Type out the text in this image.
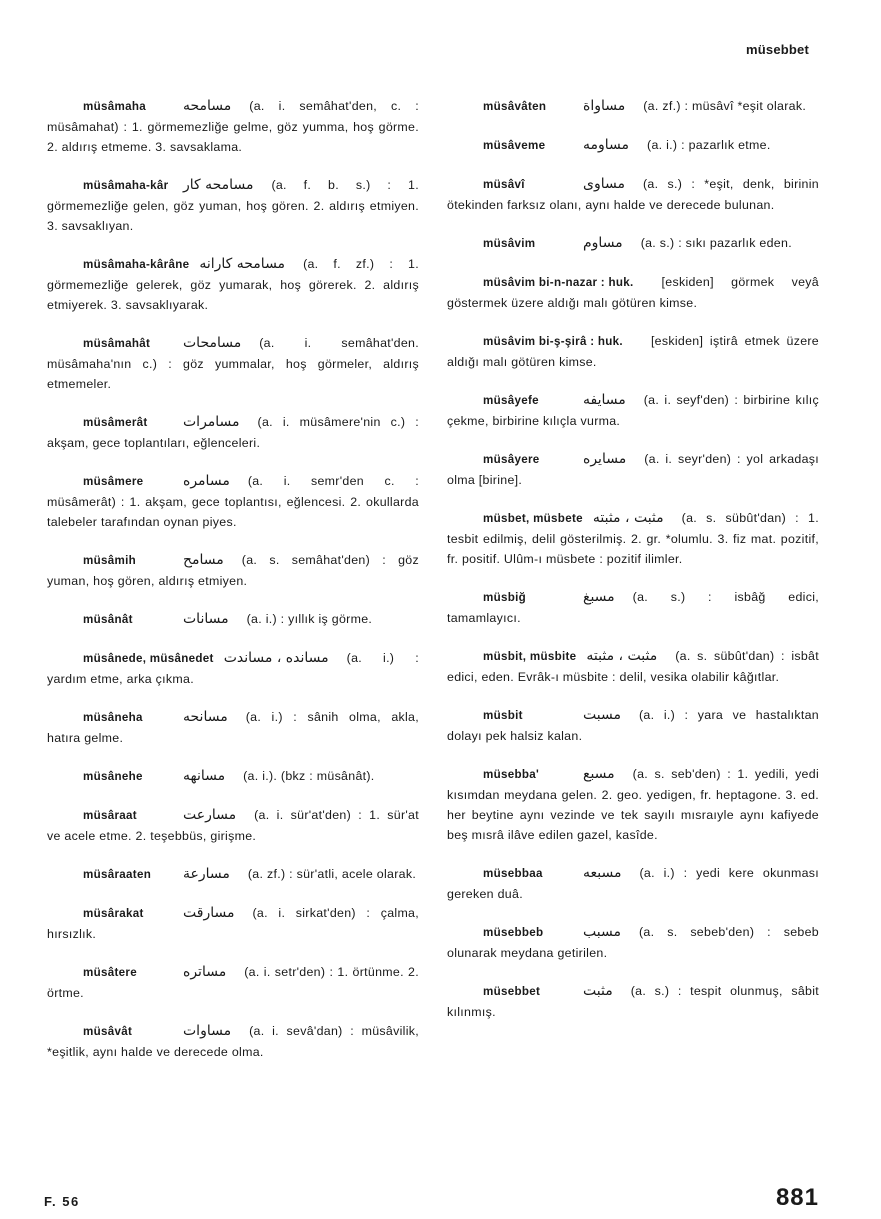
müsebbet
müsâmaha	مسامحه (a. i. semâhat'den, c. : müsâmahat) : 1. görmemezliğe gelme, göz yumma, hoş görme. 2. aldırış etmeme. 3. savsaklama.
müsâmaha-kâr مسامحه كار (a. f. b. s.) : 1. görmemezliğe gelen, göz yuman, hoş gören. 2. aldırış etmiyen. 3. savsaklıyan.
müsâmaha-kârâne مسامحه كارانه (a. f. zf.) : 1. görmemezliğe gelerek, göz yumarak, hoş görerek. 2. aldırış etmiyerek. 3. savsaklıyarak.
müsâmahât مسامحات (a. i. semâhat'den. müsâmaha'nın c.) : göz yummalar, hoş görmeler, aldırış etmemeler.
müsâmerât	مسامرات (a. i. müsâmere'nin c.) : akşam, gece toplantıları, eğlenceleri.
müsâmere	مسامره (a. i. semr'den c. : müsâmerât) : 1. akşam, gece toplantısı, eğlencesi. 2. okullarda talebeler tarafından oynan piyes.
müsâmih	مسامح (a. s. semâhat'den) : göz yuman, hoş gören, aldırış etmiyen.
müsânât	مسانات (a. i.) : yıllık iş görme.
müsânede, müsânedet مسانده ، مساندت (a. i.) : yardım etme, arka çıkma.
müsâneha	مسانحه (a. i.) : sânih olma, akla, hatıra gelme.
müsânehe	مسانهه (a. i.). (bkz : müsânât).
müsâraat	مسارعت (a. i. sür'at'den) : 1. sür'at ve acele etme. 2. teşebbüs, girişme.
müsâraaten مسارعة (a. zf.) : sür'atli, acele olarak.
müsârakat	مسارقت (a. i. sirkat'den) : çalma, hırsızlık.
müsâtere	مساتره (a. i. setr'den) : 1. örtünme. 2. örtme.
müsâvât	مساوات (a. i. sevâ'dan) : müsâvilik, *eşitlik, aynı halde ve derecede olma.
müsâvâten	مساواة (a. zf.) : müsâvî *eşit olarak.
müsâveme	مساومه (a. i.) : pazarlık etme.
müsâvî	مساوى (a. s.) : *eşit, denk, birinin ötekinden farksız olanı, aynı halde ve derecede bulunan.
müsâvim	مساوم (a. s.) : sıkı pazarlık eden.
müsâvim bi-n-nazar : huk. [eskiden] görmek veyâ göstermek üzere aldığı malı götüren kimse.
müsâvim bi-ş-şirâ : huk. [eskiden] iştirâ etmek üzere aldığı malı götüren kimse.
müsâyefe	مسايفه (a. i. seyf'den) : birbirine kılıç çekme, birbirine kılıçla vurma.
müsâyere	مسايره (a. i. seyr'den) : yol arkadaşı olma [birine].
müsbet, müsbete مثبت ، مثبته (a. s. sübût'dan) : 1. tesbit edilmiş, delil gösterilmiş. 2. gr. *olumlu. 3. fiz mat. pozitif, fr. positif. Ulûm-ı müsbete : pozitif ilimler.
müsbiğ	مسبغ (a. s.) : isbâğ edici, tamamlayıcı.
müsbit, müsbite مثبت ، مثبته (a. s. sübût'dan) : isbât edici, eden. Evrâk-ı müsbite : delil, vesika olabilir kâğıtlar.
müsbit	مسبت (a. i.) : yara ve hastalıktan dolayı pek halsiz kalan.
müsebba'	مسبع (a. s. seb'den) : 1. yedili, yedi kısımdan meydana gelen. 2. geo. yedigen, fr. heptagone. 3. ed. her beytine aynı vezinde ve tek sayılı mısraıyle aynı kafiyede beş mısrâ ilâve edilen gazel, kasîde.
müsebbaa	مسبعه (a. i.) : yedi kere okunması gereken duâ.
müsebbeb	مسبب (a. s. sebeb'den) : sebeb olunarak meydana getirilen.
müsebbet	مثبت (a. s.) : tespit olunmuş, sâbit kılınmış.
F. 56	881
